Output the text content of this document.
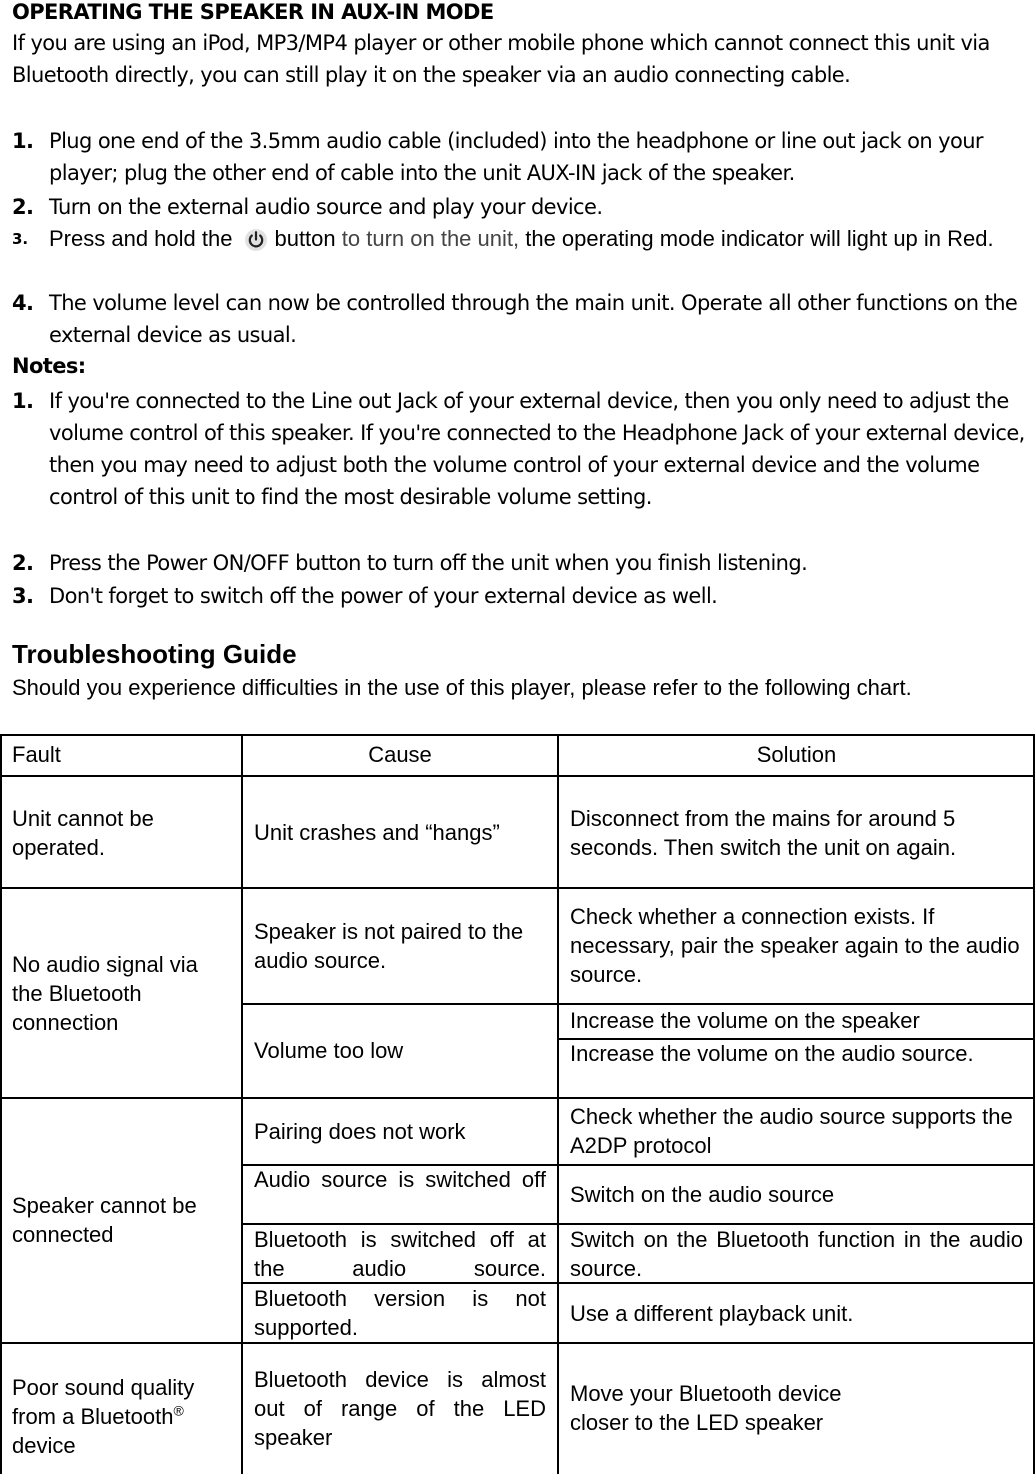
OPERATING THE SPEAKER IN AUX-IN MODE
If you are using an iPod, MP3/MP4 player or other mobile phone which cannot connect this unit via Bluetooth directly, you can still play it on the speaker via an audio connecting cable.
1. Plug one end of the 3.5mm audio cable (included) into the headphone or line out jack on your player; plug the other end of cable into the unit AUX-IN jack of the speaker.
2. Turn on the external audio source and play your device.
3. Press and hold the button to turn on the unit, the operating mode indicator will light up in Red.
4. The volume level can now be controlled through the main unit. Operate all other functions on the external device as usual.
Notes:
1. If you're connected to the Line out Jack of your external device, then you only need to adjust the volume control of this speaker. If you're connected to the Headphone Jack of your external device, then you may need to adjust both the volume control of your external device and the volume control of this unit to find the most desirable volume setting.
2. Press the Power ON/OFF button to turn off the unit when you finish listening.
3. Don't forget to switch off the power of your external device as well.
Troubleshooting Guide
Should you experience difficulties in the use of this player, please refer to the following chart.
Fault	Cause	Solution
Unit cannot be operated.
Unit crashes and “hangs”
Disconnect from the mains for around 5 seconds. Then switch the unit on again.
No audio signal via the Bluetooth connection
Speaker is not paired to the audio source.
Check whether a connection exists. If necessary, pair the speaker again to the audio source.
Volume too low
Increase the volume on the speaker
Increase the volume on the audio source.
Speaker cannot be connected
Pairing does not work
Check whether the audio source supports the A2DP protocol
Audio source is switched off
Switch on the audio source
Bluetooth is switched off at the audio source.
Switch on the Bluetooth function in the audio source.
Bluetooth version is not supported.
Use a different playback unit.
Poor sound quality from a Bluetooth® device
Bluetooth device is almost out of range of the LED speaker
Move your Bluetooth device
closer to the LED speaker
